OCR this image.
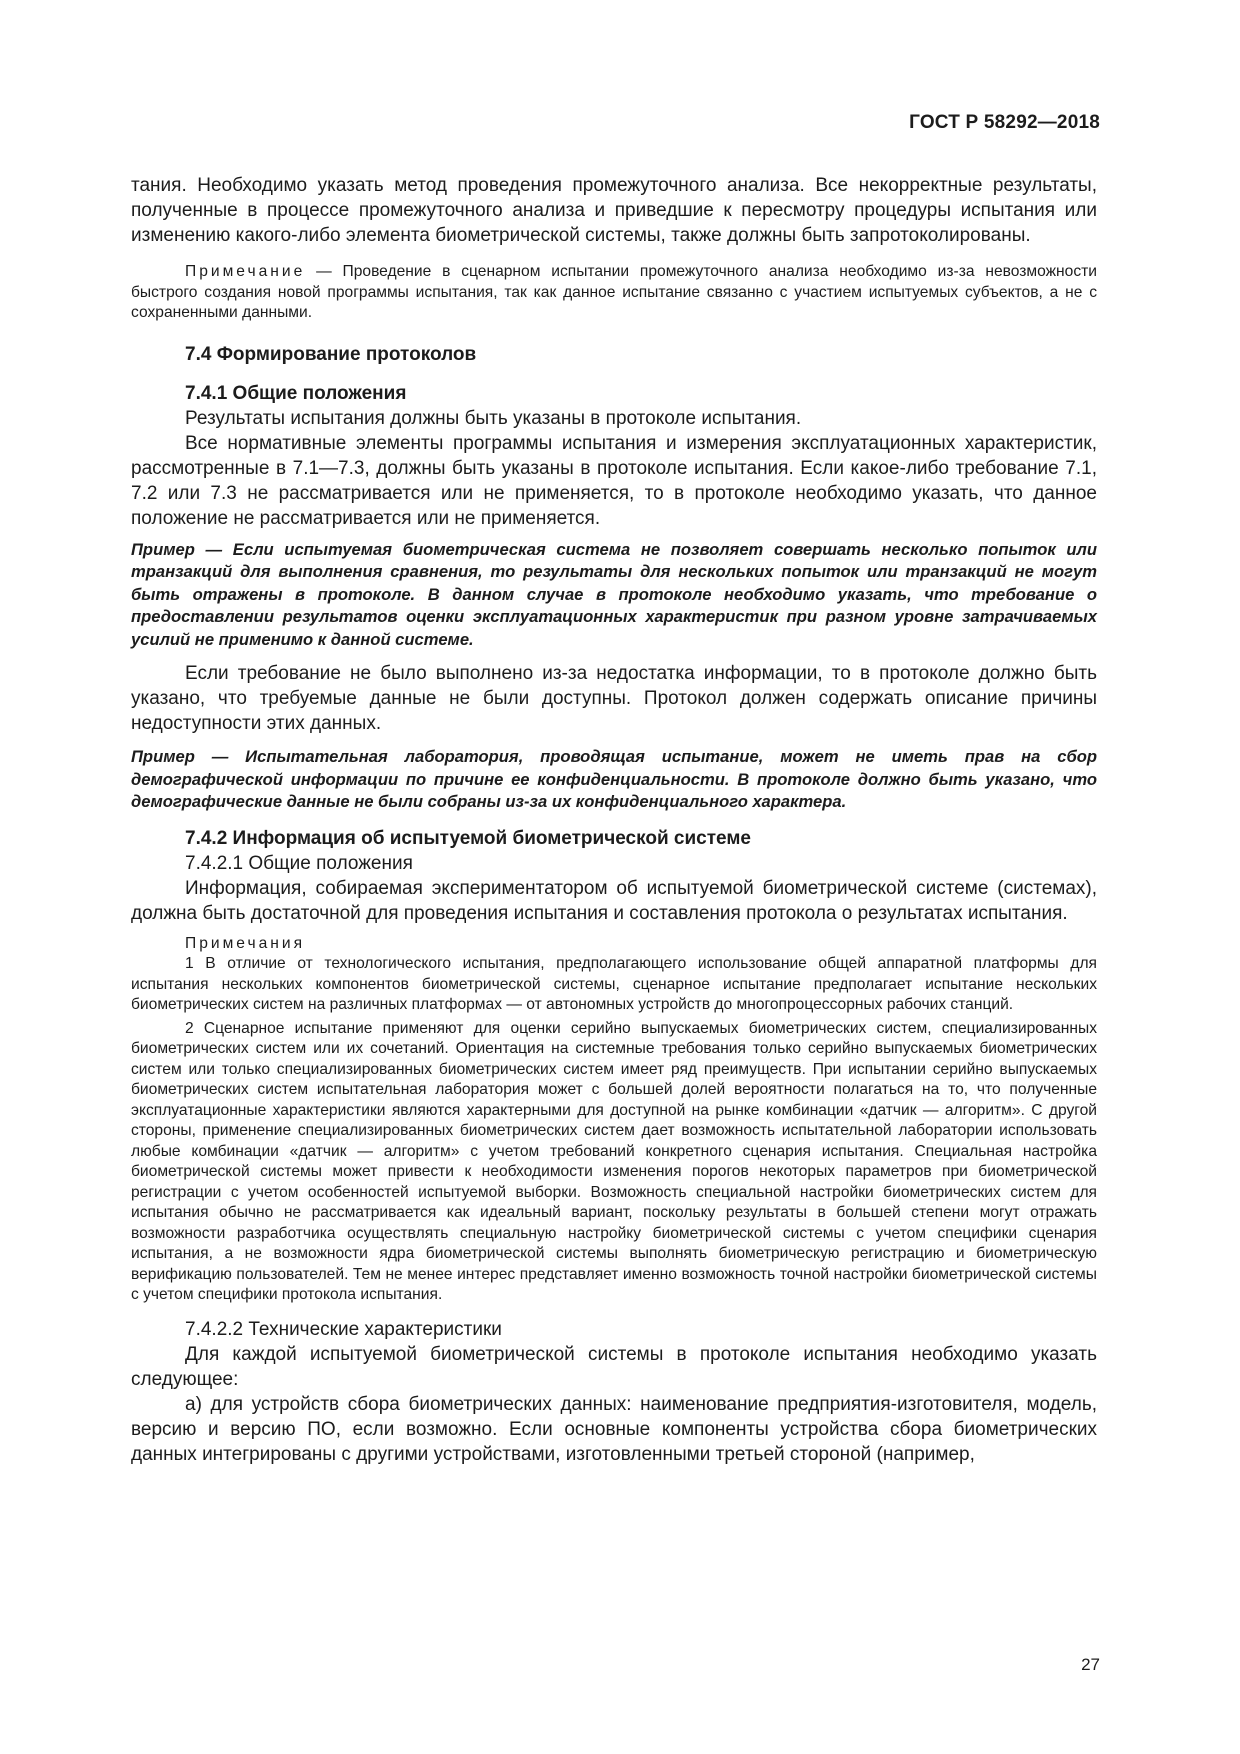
ГОСТ Р 58292—2018

тания. Необходимо указать метод проведения промежуточного анализа. Все некорректные результаты, полученные в процессе промежуточного анализа и приведшие к пересмотру процедуры испытания или изменению какого-либо элемента биометрической системы, также должны быть запротоколированы.

Примечание — Проведение в сценарном испытании промежуточного анализа необходимо из-за невозможности быстрого создания новой программы испытания, так как данное испытание связанно с участием испытуемых субъектов, а не с сохраненными данными.

7.4 Формирование протоколов

7.4.1 Общие положения

Результаты испытания должны быть указаны в протоколе испытания.

Все нормативные элементы программы испытания и измерения эксплуатационных характеристик, рассмотренные в 7.1—7.3, должны быть указаны в протоколе испытания. Если какое-либо требование 7.1, 7.2 или 7.3 не рассматривается или не применяется, то в протоколе необходимо указать, что данное положение не рассматривается или не применяется.

Пример — Если испытуемая биометрическая система не позволяет совершать несколько попыток или транзакций для выполнения сравнения, то результаты для нескольких попыток или транзакций не могут быть отражены в протоколе. В данном случае в протоколе необходимо указать, что требование о предоставлении результатов оценки эксплуатационных характеристик при разном уровне затрачиваемых усилий не применимо к данной системе.

Если требование не было выполнено из-за недостатка информации, то в протоколе должно быть указано, что требуемые данные не были доступны. Протокол должен содержать описание причины недоступности этих данных.

Пример — Испытательная лаборатория, проводящая испытание, может не иметь прав на сбор демографической информации по причине ее конфиденциальности. В протоколе должно быть указано, что демографические данные не были собраны из-за их конфиденциального характера.

7.4.2 Информация об испытуемой биометрической системе

7.4.2.1 Общие положения

Информация, собираемая экспериментатором об испытуемой биометрической системе (системах), должна быть достаточной для проведения испытания и составления протокола о результатах испытания.

Примечания

1 В отличие от технологического испытания, предполагающего использование общей аппаратной платформы для испытания нескольких компонентов биометрической системы, сценарное испытание предполагает испытание нескольких биометрических систем на различных платформах — от автономных устройств до многопроцессорных рабочих станций.

2 Сценарное испытание применяют для оценки серийно выпускаемых биометрических систем, специализированных биометрических систем или их сочетаний. Ориентация на системные требования только серийно выпускаемых биометрических систем или только специализированных биометрических систем имеет ряд преимуществ. При испытании серийно выпускаемых биометрических систем испытательная лаборатория может с большей долей вероятности полагаться на то, что полученные эксплуатационные характеристики являются характерными для доступной на рынке комбинации «датчик — алгоритм». С другой стороны, применение специализированных биометрических систем дает возможность испытательной лаборатории использовать любые комбинации «датчик — алгоритм» с учетом требований конкретного сценария испытания. Специальная настройка биометрической системы может привести к необходимости изменения порогов некоторых параметров при биометрической регистрации с учетом особенностей испытуемой выборки. Возможность специальной настройки биометрических систем для испытания обычно не рассматривается как идеальный вариант, поскольку результаты в большей степени могут отражать возможности разработчика осуществлять специальную настройку биометрической системы с учетом специфики сценария испытания, а не возможности ядра биометрической системы выполнять биометрическую регистрацию и биометрическую верификацию пользователей. Тем не менее интерес представляет именно возможность точной настройки биометрической системы с учетом специфики протокола испытания.

7.4.2.2 Технические характеристики

Для каждой испытуемой биометрической системы в протоколе испытания необходимо указать следующее:

а) для устройств сбора биометрических данных: наименование предприятия-изготовителя, модель, версию и версию ПО, если возможно. Если основные компоненты устройства сбора биометрических данных интегрированы с другими устройствами, изготовленными третьей стороной (например,

27
